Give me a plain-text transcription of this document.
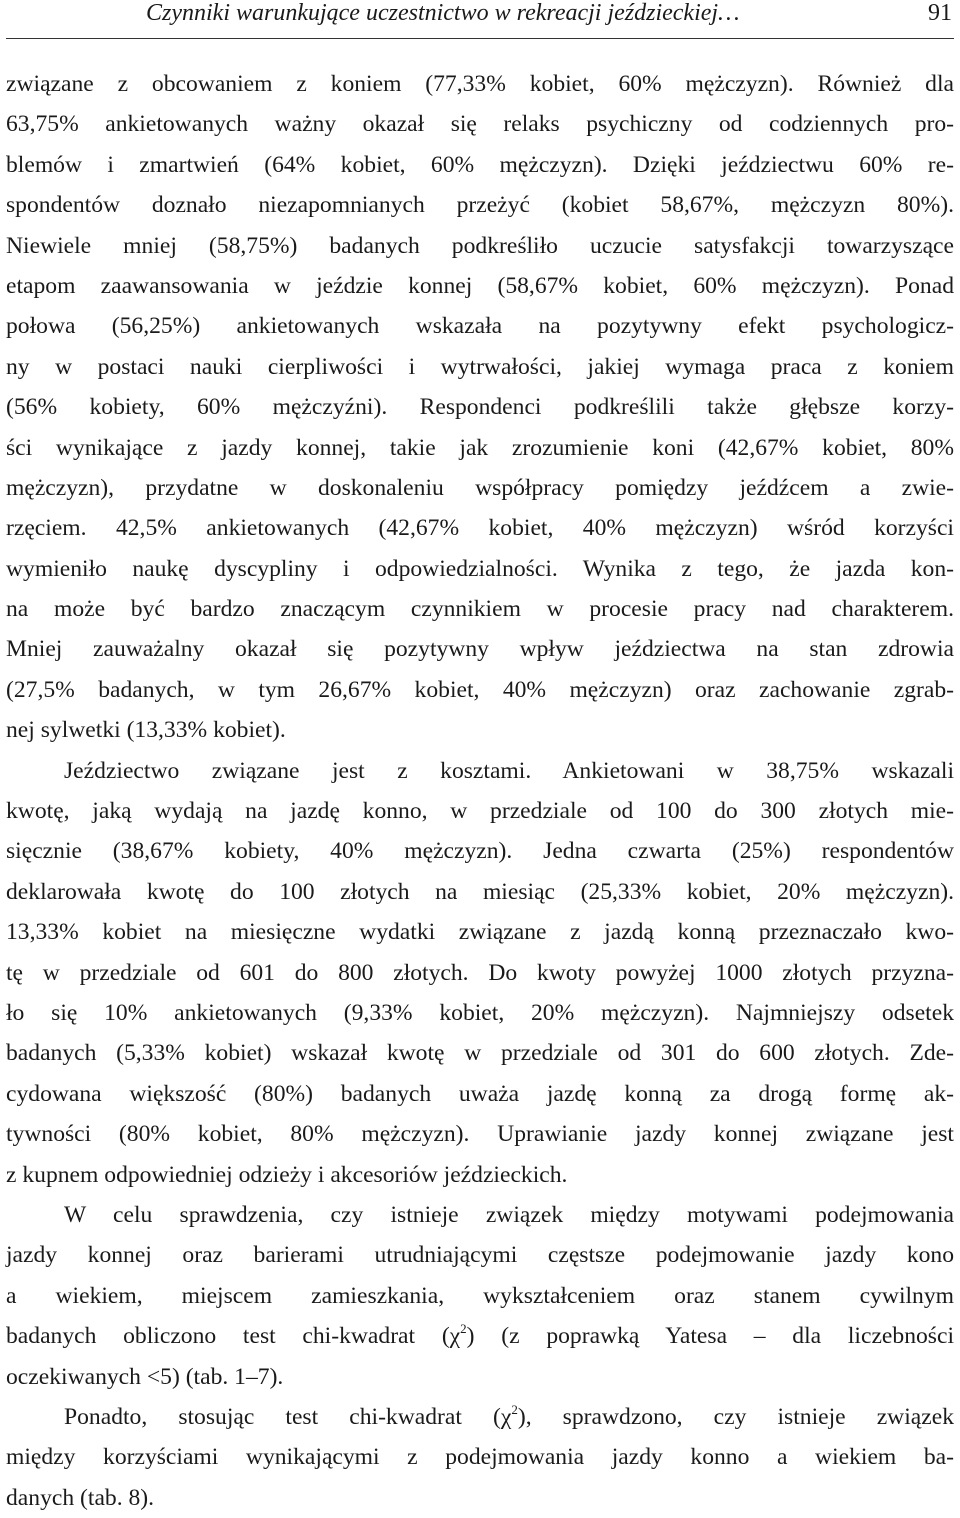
Czynniki warunkujące uczestnictwo w rekreacji jeździeckiej…	91
związane z obcowaniem z koniem (77,33% kobiet, 60% mężczyzn). Również dla
63,75% ankietowanych ważny okazał się relaks psychiczny od codziennych pro-
blemów i zmartwień (64% kobiet, 60% mężczyzn). Dzięki jeździectwu 60% re-
spondentów doznało niezapomnianych przeżyć (kobiet 58,67%, mężczyzn 80%).
Niewiele mniej (58,75%) badanych podkreśliło uczucie satysfakcji towarzyszące
etapom zaawansowania w jeździe konnej (58,67% kobiet, 60% mężczyzn). Ponad
połowa (56,25%) ankietowanych wskazała na pozytywny efekt psychologicz-
ny w postaci nauki cierpliwości i wytrwałości, jakiej wymaga praca z koniem
(56% kobiety, 60% mężczyźni). Respondenci podkreślili także głębsze korzy-
ści wynikające z jazdy konnej, takie jak zrozumienie koni (42,67% kobiet, 80%
mężczyzn), przydatne w doskonaleniu współpracy pomiędzy jeźdźcem a zwie-
rzęciem. 42,5% ankietowanych (42,67% kobiet, 40% mężczyzn) wśród korzyści
wymieniło naukę dyscypliny i odpowiedzialności. Wynika z tego, że jazda kon-
na może być bardzo znaczącym czynnikiem w procesie pracy nad charakterem.
Mniej zauważalny okazał się pozytywny wpływ jeździectwa na stan zdrowia
(27,5% badanych, w tym 26,67% kobiet, 40% mężczyzn) oraz zachowanie zgrab-
nej sylwetki (13,33% kobiet).
Jeździectwo związane jest z kosztami. Ankietowani w 38,75% wskazali
kwotę, jaką wydają na jazdę konno, w przedziale od 100 do 300 złotych mie-
sięcznie (38,67% kobiety, 40% mężczyzn). Jedna czwarta (25%) respondentów
deklarowała kwotę do 100 złotych na miesiąc (25,33% kobiet, 20% mężczyzn).
13,33% kobiet na miesięczne wydatki związane z jazdą konną przeznaczało kwo-
tę w przedziale od 601 do 800 złotych. Do kwoty powyżej 1000 złotych przyzna-
ło się 10% ankietowanych (9,33% kobiet, 20% mężczyzn). Najmniejszy odsetek
badanych (5,33% kobiet) wskazał kwotę w przedziale od 301 do 600 złotych. Zde-
cydowana większość (80%) badanych uważa jazdę konną za drogą formę ak-
tywności (80% kobiet, 80% mężczyzn). Uprawianie jazdy konnej związane jest
z kupnem odpowiedniej odzieży i akcesoriów jeździeckich.
W celu sprawdzenia, czy istnieje związek między motywami podejmowania
jazdy konnej oraz barierami utrudniającymi częstsze podejmowanie jazdy kono
a wiekiem, miejscem zamieszkania, wykształceniem oraz stanem cywilnym
badanych obliczono test chi-kwadrat $(\chi^2)$ (z poprawką Yatesa – dla liczebności
oczekiwanych <5) (tab. 1–7).
Ponadto, stosując test chi-kwadrat $(\chi^2)$, sprawdzono, czy istnieje związek
między korzyściami wynikającymi z podejmowania jazdy konno a wiekiem ba-
danych (tab. 8).
